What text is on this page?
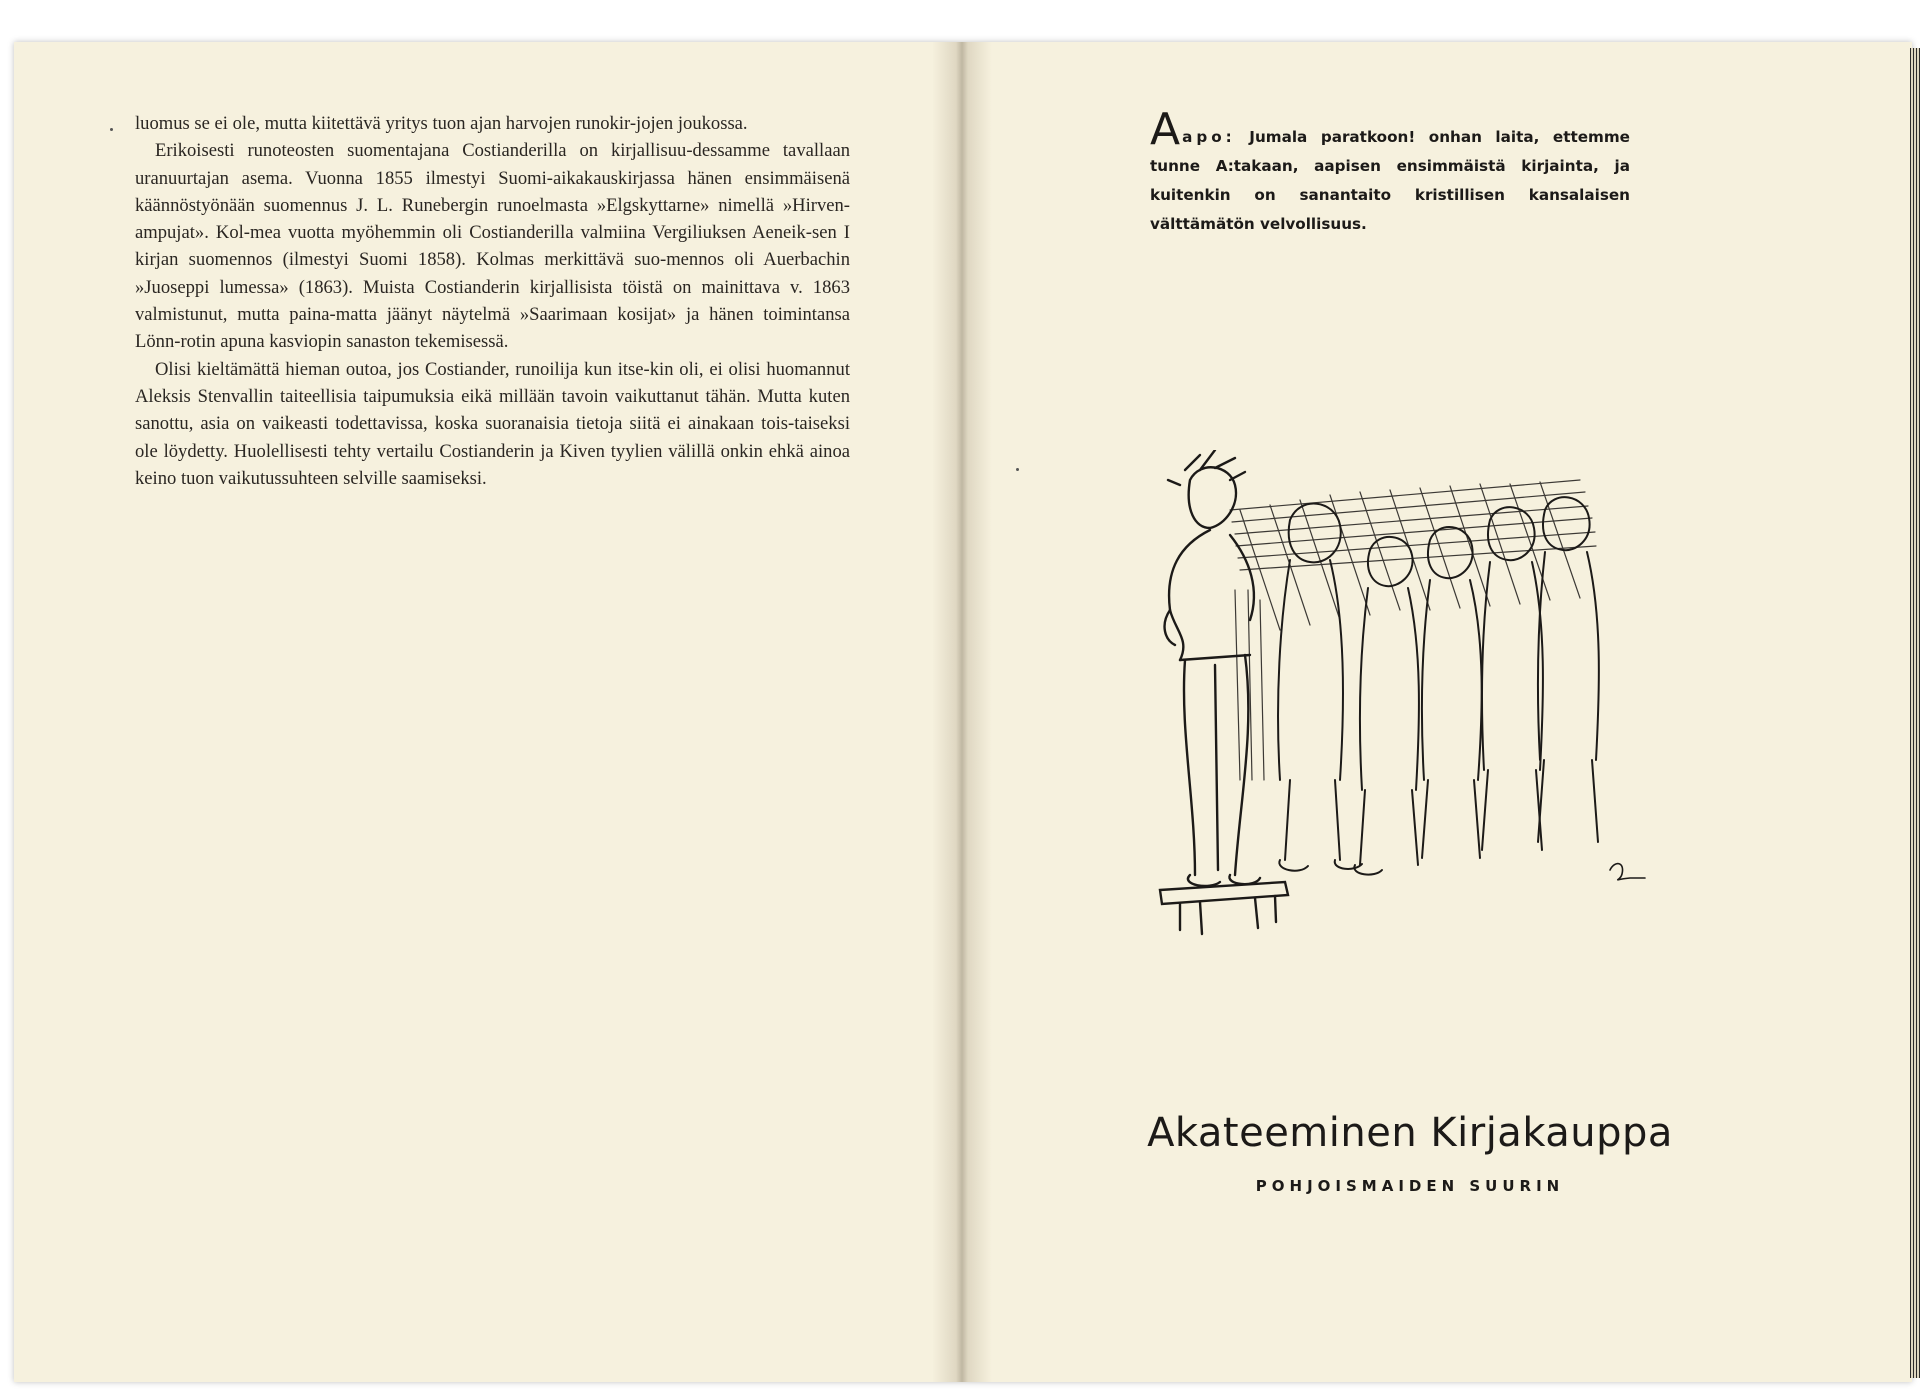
luomus se ei ole, mutta kiitettävä yritys tuon ajan harvojen runokir-jojen joukossa.

Erikoisesti runoteosten suomentajana Costianderilla on kirjallisuu-dessamme tavallaan uranuurtajan asema. Vuonna 1855 ilmestyi Suomi-aikakauskirjassa hänen ensimmäisenä käännöstyönään suomennus J. L. Runebergin runoelmasta »Elgskyttarne» nimellä »Hirven-ampujat». Kol-mea vuotta myöhemmin oli Costianderilla valmiina Vergiliuksen Aeneik-sen I kirjan suomennos (ilmestyi Suomi 1858). Kolmas merkittävä suo-mennos oli Auerbachin »Juoseppi lumessa» (1863). Muista Costianderin kirjallisista töistä on mainittava v. 1863 valmistunut, mutta paina-matta jäänyt näytelmä »Saarimaan kosijat» ja hänen toimintansa Lönn-rotin apuna kasviopin sanaston tekemisessä.

Olisi kieltämättä hieman outoa, jos Costiander, runoilija kun itse-kin oli, ei olisi huomannut Aleksis Stenvallin taiteellisia taipumuksia eikä millään tavoin vaikuttanut tähän. Mutta kuten sanottu, asia on vaikeasti todettavissa, koska suoranaisia tietoja siitä ei ainakaan tois-taiseksi ole löydetty. Huolellisesti tehty vertailu Costianderin ja Kiven tyylien välillä onkin ehkä ainoa keino tuon vaikutussuhteen selville saamiseksi.

Aapo: Jumala paratkoon! onhan laita, ettemme tunne A:takaan, aapisen ensimmäistä kirjainta, ja kuitenkin on sanantaito kristillisen kansalaisen välttämätön velvollisuus.

Akateeminen Kirjakauppa
POHJOISMAIDEN SUURIN
